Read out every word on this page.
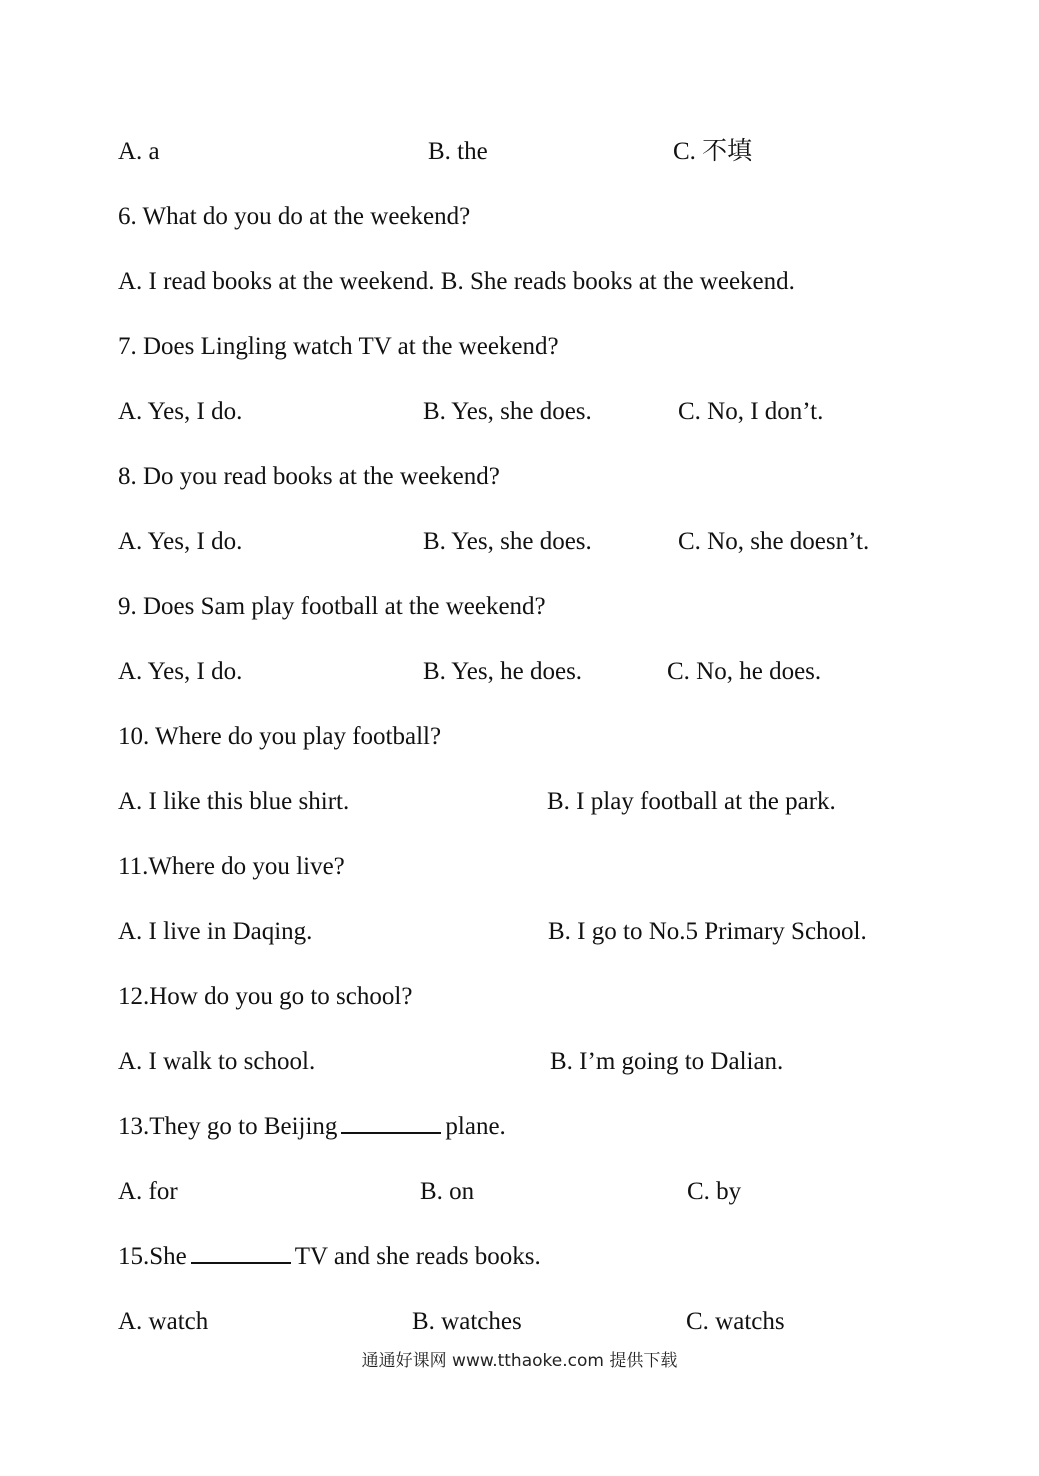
A. a	B. the	C. 不填
6. What do you do at the weekend?
A. I read books at the weekend. B. She reads books at the weekend.
7. Does Lingling watch TV at the weekend?
A. Yes, I do.	B. Yes, she does.	C. No, I don’t.
8. Do you read books at the weekend?
A. Yes, I do.	B. Yes, she does.	C. No, she doesn’t.
9. Does Sam play football at the weekend?
A. Yes, I do.	B. Yes, he does.	C. No, he does.
10. Where do you play football?
A. I like this blue shirt.	B. I play football at the park.
11.Where do you live?
A. I live in Daqing.	B. I go to No.5 Primary School.
12.How do you go to school?
A. I walk to school.	B. I’m going to Dalian.
13.They go to Beijing	plane.
A. for	B. on	C. by
15.She	TV and she reads books.
A. watch	B. watches	C. watchs
通通好课网 www.tthaoke.com 提供下载
